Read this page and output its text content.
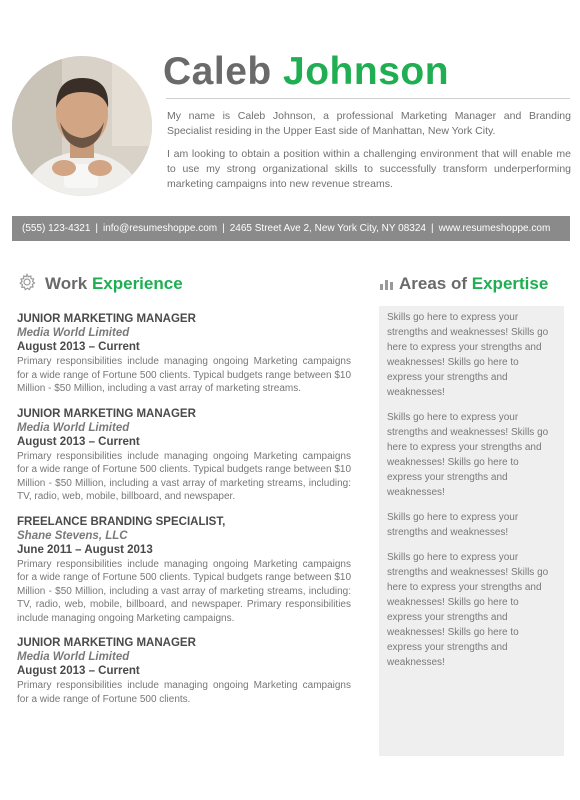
Caleb Johnson

My name is Caleb Johnson, a professional Marketing Manager and Branding Specialist residing in the Upper East side of Manhattan, New York City.

I am looking to obtain a position within a challenging environment that will enable me to use my strong organizational skills to successfully transform underperforming marketing campaigns into new revenue streams.

(555) 123-4321 | info@resumeshoppe.com | 2465 Street Ave 2, New York City, NY 08324 | www.resumeshoppe.com
Work Experience
JUNIOR MARKETING MANAGER
Media World Limited
August 2013 – Current
Primary responsibilities include managing ongoing Marketing campaigns for a wide range of Fortune 500 clients. Typical budgets range between $10 Million - $50 Million, including a vast array of marketing streams.
JUNIOR MARKETING MANAGER
Media World Limited
August 2013 – Current
Primary responsibilities include managing ongoing Marketing campaigns for a wide range of Fortune 500 clients. Typical budgets range between $10 Million - $50 Million, including a vast array of marketing streams, including: TV, radio, web, mobile, billboard, and newspaper.
FREELANCE BRANDING SPECIALIST,
Shane Stevens, LLC
June 2011 – August 2013
Primary responsibilities include managing ongoing Marketing campaigns for a wide range of Fortune 500 clients. Typical budgets range between $10 Million - $50 Million, including a vast array of marketing streams, including: TV, radio, web, mobile, billboard, and newspaper. Primary responsibilities include managing ongoing Marketing campaigns.
JUNIOR MARKETING MANAGER
Media World Limited
August 2013 – Current
Primary responsibilities include managing ongoing Marketing campaigns for a wide range of Fortune 500 clients.
Areas of Expertise
Skills go here to express your strengths and weaknesses! Skills go here to express your strengths and weaknesses! Skills go here to express your strengths and weaknesses!
Skills go here to express your strengths and weaknesses! Skills go here to express your strengths and weaknesses! Skills go here to express your strengths and weaknesses!
Skills go here to express your strengths and weaknesses!
Skills go here to express your strengths and weaknesses! Skills go here to express your strengths and weaknesses! Skills go here to express your strengths and weaknesses! Skills go here to express your strengths and weaknesses!
